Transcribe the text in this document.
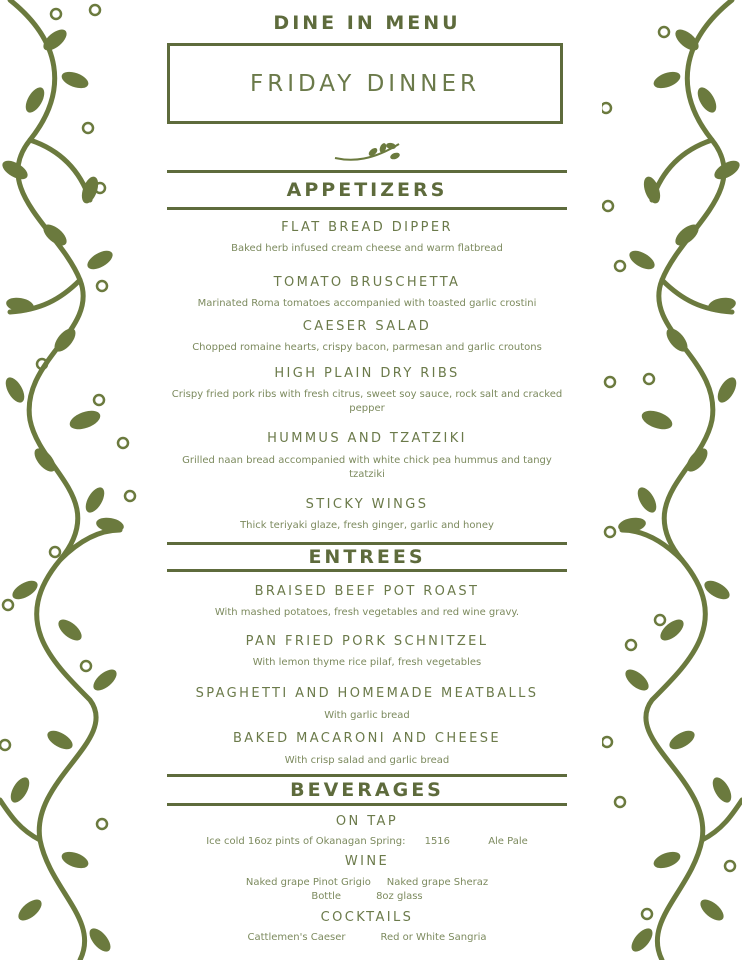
DINE IN MENU
FRIDAY DINNER
APPETIZERS
FLAT BREAD DIPPER
Baked herb infused cream cheese and warm flatbread
TOMATO BRUSCHETTA
Marinated Roma tomatoes accompanied with toasted garlic crostini
CAESER SALAD
Chopped romaine hearts, crispy bacon, parmesan and garlic croutons
HIGH PLAIN DRY RIBS
Crispy fried pork ribs with fresh citrus, sweet soy sauce, rock salt and cracked pepper
HUMMUS AND TZATZIKI
Grilled naan bread accompanied with white chick pea hummus and tangy tzatziki
STICKY WINGS
Thick teriyaki glaze, fresh ginger, garlic and honey
ENTREES
BRAISED BEEF POT ROAST
With mashed potatoes, fresh vegetables and red wine gravy.
PAN FRIED PORK SCHNITZEL
With lemon thyme rice pilaf, fresh vegetables
SPAGHETTI AND HOMEMADE MEATBALLS
With garlic bread
BAKED MACARONI AND CHEESE
With crisp salad and garlic bread
BEVERAGES
ON TAP
Ice cold 16oz pints of Okanagan Spring: 1516	Ale Pale
WINE
Naked grape Pinot Grigio Naked grape Sheraz
Bottle	8oz glass
COCKTAILS
Cattlemen's Caeser	Red or White Sangria
